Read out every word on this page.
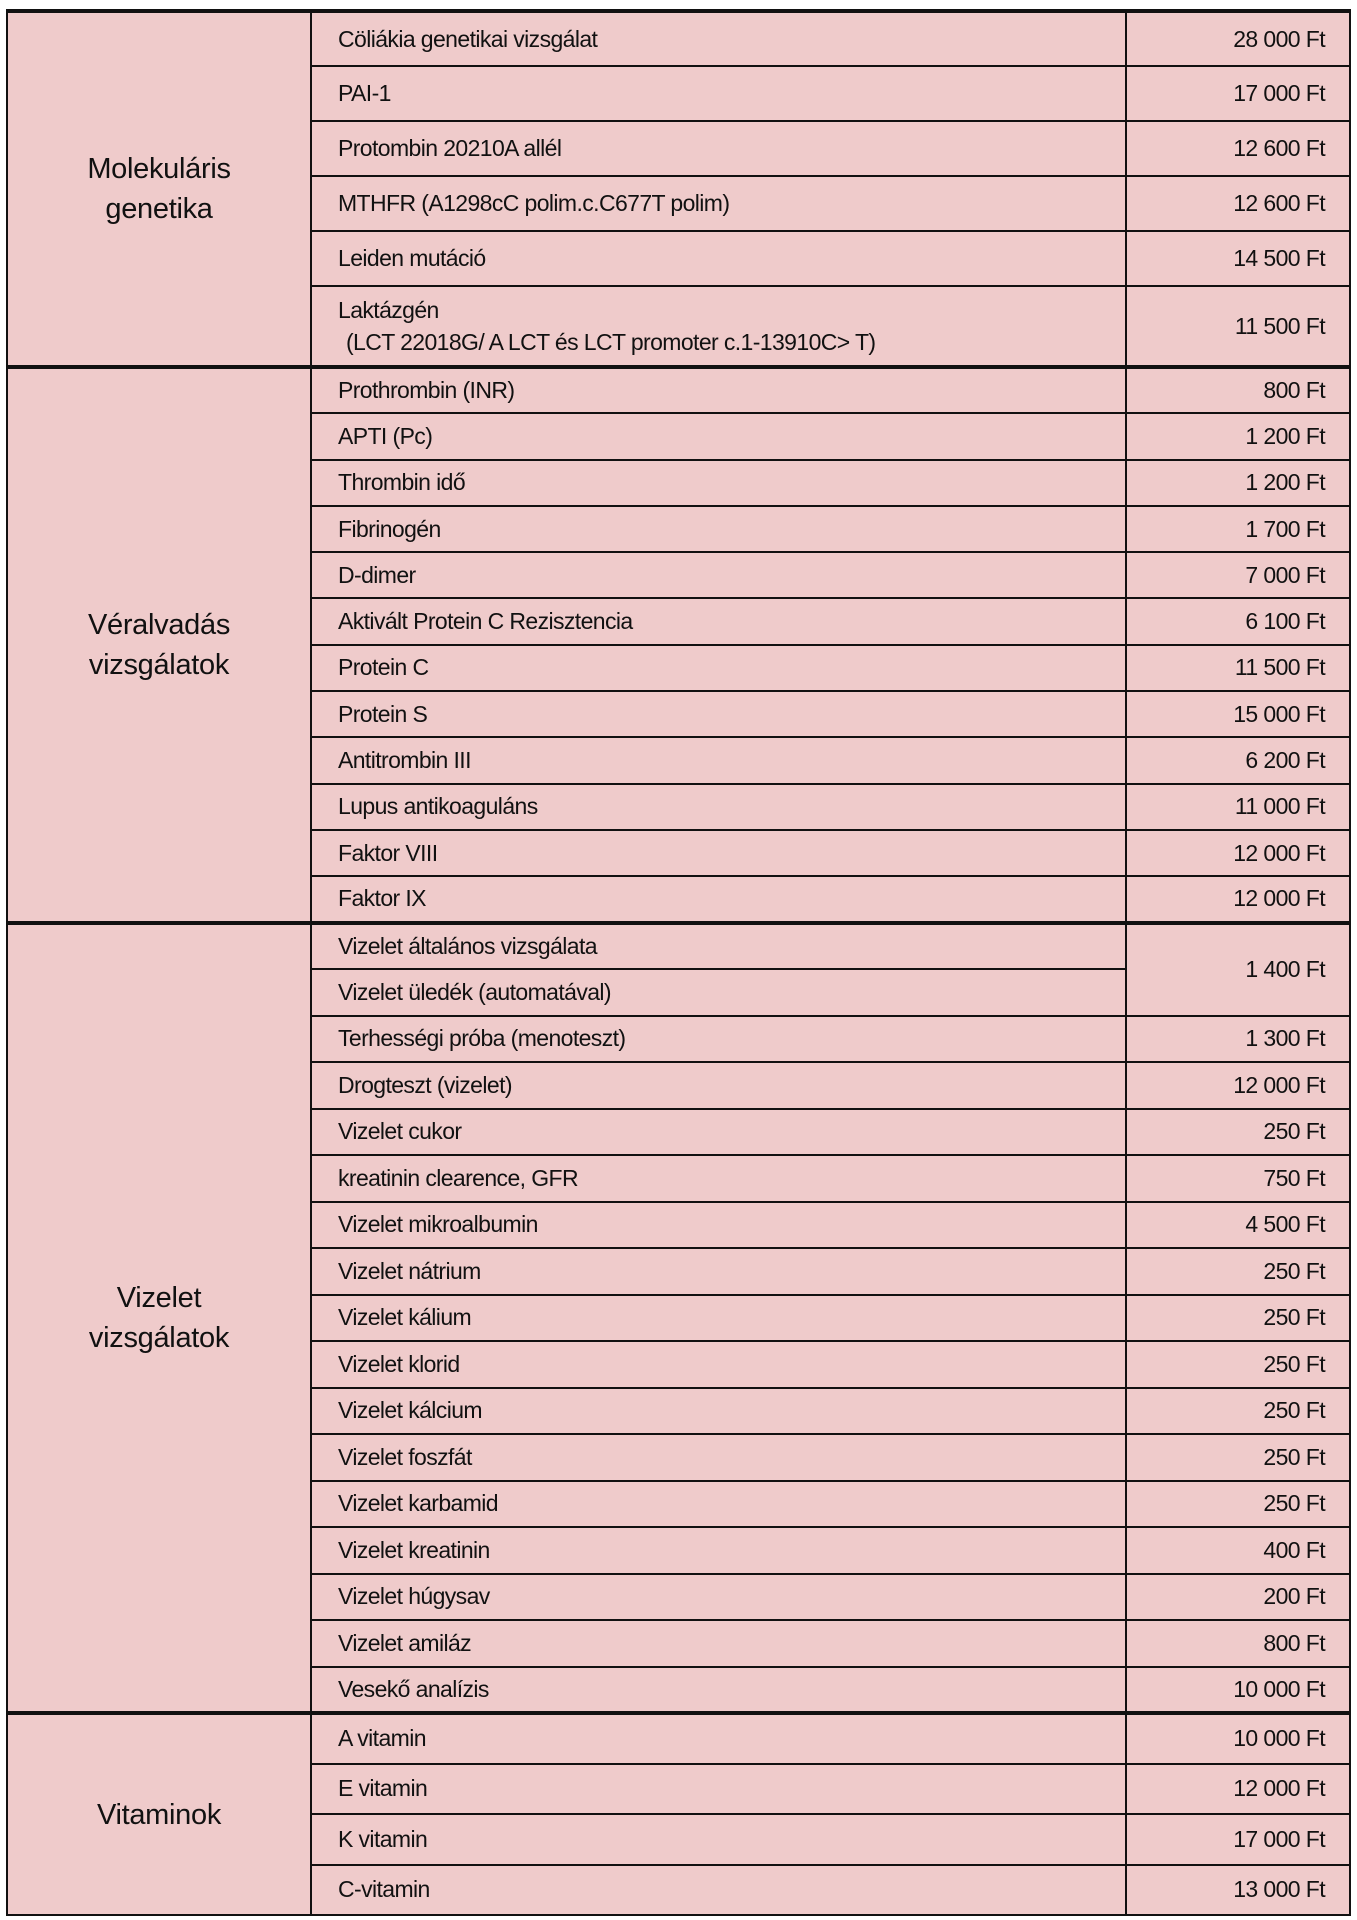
Molekuláris
genetika	Cöliákia genetikai vizsgálat	28 000 Ft
	PAI-1	17 000 Ft
	Protombin 20210A allél	12 600 Ft
	MTHFR (A1298cC polim.c.C677T polim)	12 600 Ft
	Leiden mutáció	14 500 Ft
	Laktázgén
(LCT 22018G/ A LCT és LCT promoter c.1-13910C> T)	11 500 Ft

Véralvadás
vizsgálatok	Prothrombin (INR)	800 Ft
	APTI (Pc)	1 200 Ft
	Thrombin idő	1 200 Ft
	Fibrinogén	1 700 Ft
	D-dimer	7 000 Ft
	Aktivált Protein C Rezisztencia	6 100 Ft
	Protein C	11 500 Ft
	Protein S	15 000 Ft
	Antitrombin III	6 200 Ft
	Lupus antikoaguláns	11 000 Ft
	Faktor VIII	12 000 Ft
	Faktor IX	12 000 Ft

Vizelet
vizsgálatok	Vizelet általános vizsgálata	1 400 Ft
	Vizelet üledék (automatával)	
	Terhességi próba (menoteszt)	1 300 Ft
	Drogteszt (vizelet)	12 000 Ft
	Vizelet cukor	250 Ft
	kreatinin clearence, GFR	750 Ft
	Vizelet mikroalbumin	4 500 Ft
	Vizelet nátrium	250 Ft
	Vizelet kálium	250 Ft
	Vizelet klorid	250 Ft
	Vizelet kálcium	250 Ft
	Vizelet foszfát	250 Ft
	Vizelet karbamid	250 Ft
	Vizelet kreatinin	400 Ft
	Vizelet húgysav	200 Ft
	Vizelet amiláz	800 Ft
	Vesekő analízis	10 000 Ft

Vitaminok	A vitamin	10 000 Ft
	E vitamin	12 000 Ft
	K vitamin	17 000 Ft
	C-vitamin	13 000 Ft
